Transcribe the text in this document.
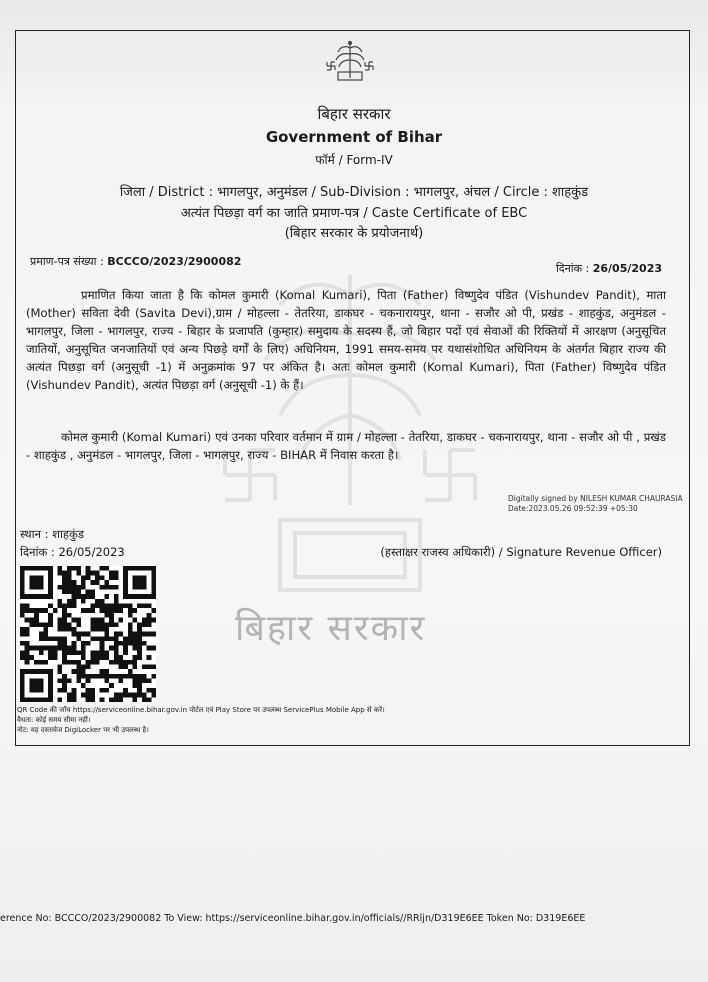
बिहार सरकार
बिहार सरकार
Government of Bihar
फॉर्म / Form-IV
जिला / District : भागलपुर, अनुमंडल / Sub-Division : भागलपुर, अंचल / Circle : शाहकुंड
अत्यंत पिछड़ा वर्ग का जाति प्रमाण-पत्र / Caste Certificate of EBC
(बिहार सरकार के प्रयोजनार्थ)
प्रमाण-पत्र संख्या : BCCCO/2023/2900082
दिनांक : 26/05/2023
प्रमाणित किया जाता है कि कोमल कुमारी (Komal Kumari), पिता (Father) विष्णुदेव पंडित (Vishundev Pandit), माता (Mother) सविता देवी (Savita Devi),ग्राम / मोहल्ला - तेतरिया, डाकघर - चकनारायपुर, थाना - सजौर ओ पी, प्रखंड - शाहकुंड, अनुमंडल - भागलपुर, जिला - भागलपुर, राज्य - बिहार के प्रजापति (कुम्हार) समुदाय के सदस्य हैं, जो बिहार पदों एवं सेवाओं की रिक्तियों में आरक्षण (अनुसूचित जातियों, अनुसूचित जनजातियों एवं अन्य पिछड़े वर्गों के लिए) अधिनियम, 1991 समय-समय पर यथासंशोधित अधिनियम के अंतर्गत बिहार राज्य की अत्यंत पिछड़ा वर्ग (अनुसूची -1) में अनुक्रमांक 97 पर अंकित है। अतः कोमल कुमारी (Komal Kumari), पिता (Father) विष्णुदेव पंडित (Vishundev Pandit), अत्यंत पिछड़ा वर्ग (अनुसूची -1) के हैं।
कोमल कुमारी (Komal Kumari) एवं उनका परिवार वर्तमान में ग्राम / मोहल्ला - तेतरिया, डाकघर - चकनारायपुर, थाना - सजौर ओ पी , प्रखंड - शाहकुंड , अनुमंडल - भागलपुर, जिला - भागलपुर, राज्य - BIHAR में निवास करता है।
Digitally signed by NILESH KUMAR CHAURASIA
Date:2023.05.26 09:52:39 +05:30
स्थान : शाहकुंड
दिनांक : 26/05/2023	(हस्ताक्षर राजस्व अधिकारी) / Signature Revenue Officer)
QR Code की जाँच https://serviceonline.bihar.gov.in पोर्टल एवं Play Store पर उपलब्ध ServicePlus Mobile App से करें।
वैधता: कोई समय सीमा नहीं।
नोट: यह दस्तावेज DigiLocker पर भी उपलब्ध है।
erence No: BCCCO/2023/2900082 To View: https://serviceonline.bihar.gov.in/officials//RRljn/D319E6EE Token No: D319E6EE
